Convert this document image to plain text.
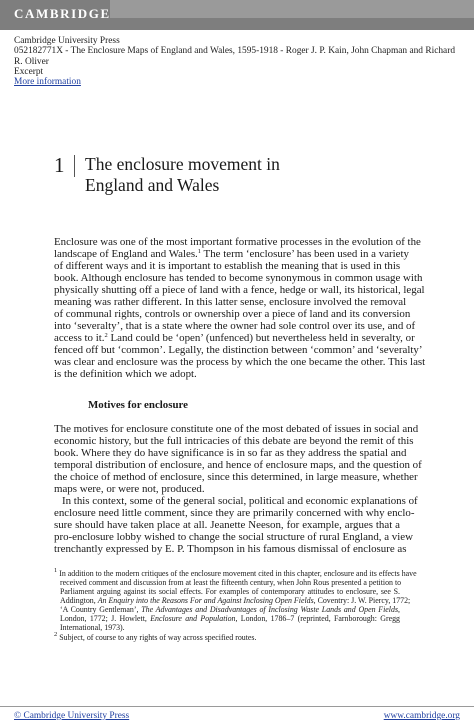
CAMBRIDGE
Cambridge University Press
052182771X - The Enclosure Maps of England and Wales, 1595-1918 - Roger J. P. Kain, John Chapman and Richard
R. Oliver
Excerpt
More information
1 The enclosure movement in
England and Wales
Enclosure was one of the most important formative processes in the evolution of the
landscape of England and Wales.$^1$ The term ‘enclosure’ has been used in a variety
of different ways and it is important to establish the meaning that is used in this
book. Although enclosure has tended to become synonymous in common usage with
physically shutting off a piece of land with a fence, hedge or wall, its historical, legal
meaning was rather different. In this latter sense, enclosure involved the removal
of communal rights, controls or ownership over a piece of land and its conversion
into ‘severalty’, that is a state where the owner had sole control over its use, and of
access to it.$^2$ Land could be ‘open’ (unfenced) but nevertheless held in severalty, or
fenced off but ‘common’. Legally, the distinction between ‘common’ and ‘severalty’
was clear and enclosure was the process by which the one became the other. This last
is the definition which we adopt.
Motives for enclosure
The motives for enclosure constitute one of the most debated of issues in social and
economic history, but the full intricacies of this debate are beyond the remit of this
book. Where they do have significance is in so far as they address the spatial and
temporal distribution of enclosure, and hence of enclosure maps, and the question of
the choice of method of enclosure, since this determined, in large measure, whether
maps were, or were not, produced.
In this context, some of the general social, political and economic explanations of
enclosure need little comment, since they are primarily concerned with why enclo-
sure should have taken place at all. Jeanette Neeson, for example, argues that a
pro-enclosure lobby wished to change the social structure of rural England, a view
trenchantly expressed by E. P. Thompson in his famous dismissal of enclosure as
$^1$ In addition to the modern critiques of the enclosure movement cited in this chapter, enclosure and its effects have
received comment and discussion from at least the fifteenth century, when John Rous presented a petition to
Parliament arguing against its social effects. For examples of contemporary attitudes to enclosure, see S.
Addington, An Enquiry into the Reasons For and Against Inclosing Open Fields, Coventry: J. W. Piercy, 1772;
‘A Country Gentleman’, The Advantages and Disadvantages of Inclosing Waste Lands and Open Fields,
London, 1772; J. Howlett, Enclosure and Population, London, 1786–7 (reprinted, Farnborough: Gregg
International, 1973).
$^2$ Subject, of course to any rights of way across specified routes.
© Cambridge University Press	www.cambridge.org
